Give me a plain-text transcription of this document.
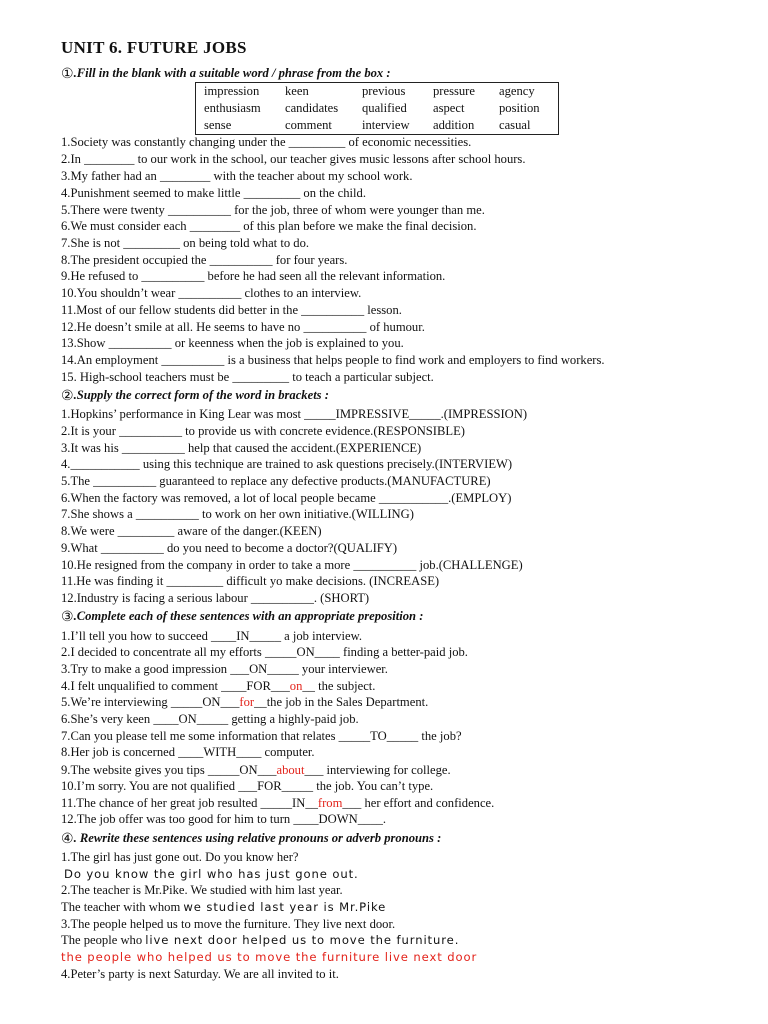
UNIT 6. FUTURE JOBS
①.Fill in the blank with a suitable word / phrase from the box :
impression keen	previous pressure agency
enthusiasm candidates qualified aspect	position
sense	comment interview addition casual
1.Society was constantly changing under the _________ of economic necessities.
2.In ________ to our work in the school, our teacher gives music lessons after school hours.
3.My father had an ________ with the teacher about my school work.
4.Punishment seemed to make little _________ on the child.
5.There were twenty __________ for the job, three of whom were younger than me.
6.We must consider each ________ of this plan before we make the final decision.
7.She is not _________ on being told what to do.
8.The president occupied the __________ for four years.
9.He refused to __________ before he had seen all the relevant information.
10.You shouldn’t wear __________ clothes to an interview.
11.Most of our fellow students did better in the __________ lesson.
12.He doesn’t smile at all. He seems to have no __________ of humour.
13.Show __________ or keenness when the job is explained to you.
14.An employment __________ is a business that helps people to find work and employers to find workers.
15. High-school teachers must be _________ to teach a particular subject.
②.Supply the correct form of the word in brackets :
1.Hopkins’ performance in King Lear was most _____IMPRESSIVE_____.(IMPRESSION)
2.It is your __________ to provide us with concrete evidence.(RESPONSIBLE)
3.It was his __________ help that caused the accident.(EXPERIENCE)
4.___________ using this technique are trained to ask questions precisely.(INTERVIEW)
5.The __________ guaranteed to replace any defective products.(MANUFACTURE)
6.When the factory was removed, a lot of local people became ___________.(EMPLOY)
7.She shows a __________ to work on her own initiative.(WILLING)
8.We were _________ aware of the danger.(KEEN)
9.What __________ do you need to become a doctor?(QUALIFY)
10.He resigned from the company in order to take a more __________ job.(CHALLENGE)
11.He was finding it _________ difficult yo make decisions. (INCREASE)
12.Industry is facing a serious labour __________. (SHORT)
③.Complete each of these sentences with an appropriate preposition :
1.I’ll tell you how to succeed ____IN_____ a job interview.
2.I decided to concentrate all my efforts _____ON____ finding a better-paid job.
3.Try to make a good impression ___ON_____ your interviewer.
4.I felt unqualified to comment ____FOR___on__ the subject.
5.We’re interviewing _____ON___for__the job in the Sales Department.
6.She’s very keen ____ON_____ getting a highly-paid job.
7.Can you please tell me some information that relates _____TO_____ the job?
8.Her job is concerned ____WITH____ computer.
9.The website gives you tips _____ON___about___ interviewing for college.
10.I’m sorry. You are not qualified ___FOR_____ the job. You can’t type.
11.The chance of her great job resulted _____IN__from___ her effort and confidence.
12.The job offer was too good for him to turn ____DOWN____.
④. Rewrite these sentences using relative pronouns or adverb pronouns :
1.The girl has just gone out. Do you know her?
Do you know the girl who has just gone out.
2.The teacher is Mr.Pike. We studied with him last year.
The teacher with whom we studied last year is Mr.Pike
3.The people helped us to move the furniture. They live next door.
The people who live next door helped us to move the furniture.
the people who helped us to move the furniture live next door
4.Peter’s party is next Saturday. We are all invited to it.
